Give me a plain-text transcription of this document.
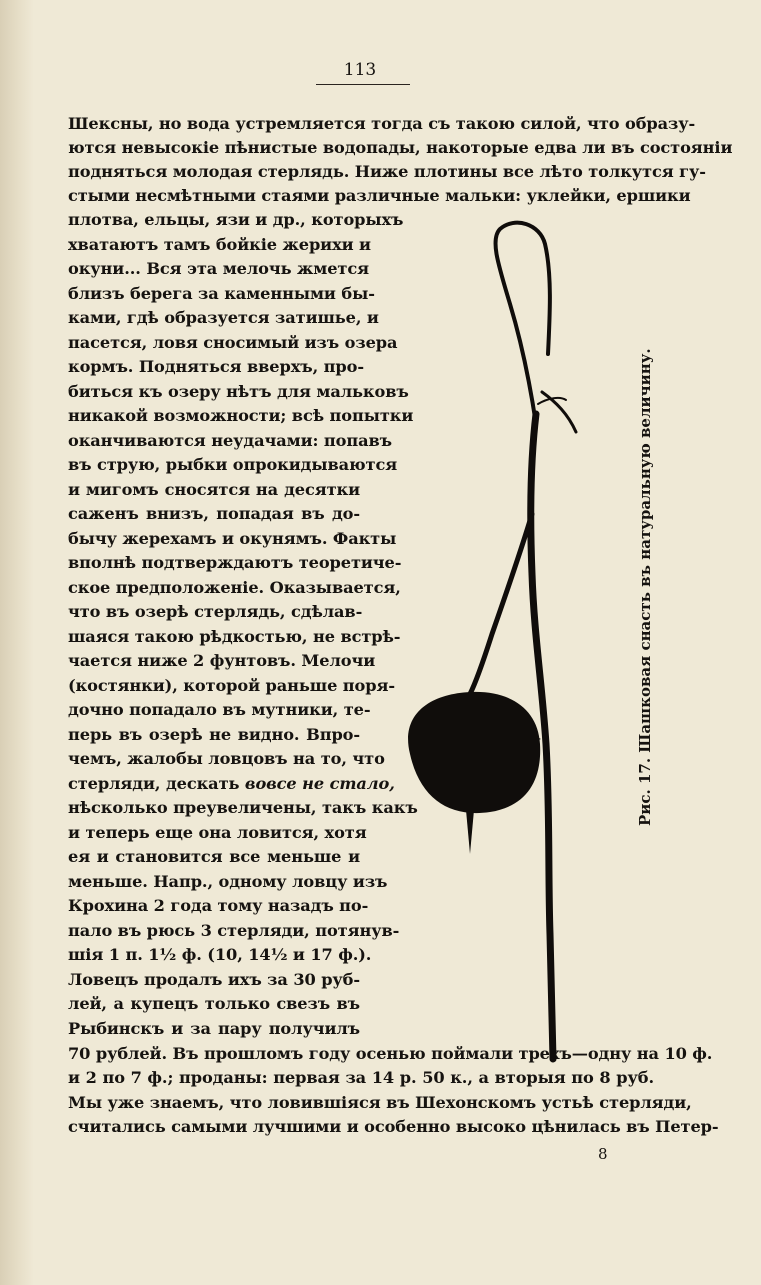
113
Шексны, но вода устремляется тогда съ такою силой, что образу-
ются невысокіе пѣнистые водопады, накоторые едва ли въ состояніи
подняться молодая стерлядь. Ниже плотины все лѣто толкутся гу-
стыми несмѣтными стаями различные мальки: уклейки, ершики
плотва, ельцы, язи и др., которыхъ
хватаютъ тамъ бойкіе жерихи и
окуни... Вся эта мелочь жмется
близъ берега за каменными бы-
ками, гдѣ образуется затишье, и
пасется, ловя сносимый изъ озера
кормъ. Подняться вверхъ, про-
биться къ озеру нѣтъ для мальковъ
никакой возможности; всѣ попытки
оканчиваются неудачами: попавъ
въ струю, рыбки опрокидываются
и мигомъ сносятся на десятки
саженъ внизъ, попадая въ до-
бычу жерехамъ и окунямъ. Факты
вполнѣ подтверждаютъ теоретиче-
ское предположеніе. Оказывается,
что въ озерѣ стерлядь, сдѣлав-
шаяся такою рѣдкостью, не встрѣ-
чается ниже 2 фунтовъ. Мелочи
(костянки), которой раньше поря-
дочно попадало въ мутники, те-
перь въ озерѣ не видно. Впро-
чемъ, жалобы ловцовъ на то, что
стерляди, дескать вовсе не стало,
нѣсколько преувеличены, такъ какъ
и теперь еще она ловится, хотя
ея и становится все меньше и
меньше. Напр., одному ловцу изъ
Крохина 2 года тому назадъ по-
пало въ рюсь 3 стерляди, потянув-
шія 1 п. 1½ ф. (10, 14½ и 17 ф.).
Ловецъ продалъ ихъ за 30 руб-
лей, а купецъ только свезъ въ
Рыбинскъ и за пару получилъ
70 рублей. Въ прошломъ году осенью поймали трехъ—одну на 10 ф.
и 2 по 7 ф.; проданы: первая за 14 р. 50 к., а вторыя по 8 руб.
Мы уже знаемъ, что ловившіяся въ Шехонскомъ устьѣ стерляди,
считались самыми лучшими и особенно высоко цѣнилась въ Петер-
Рис. 17. Шашковая снасть въ натуральную величину.
8
